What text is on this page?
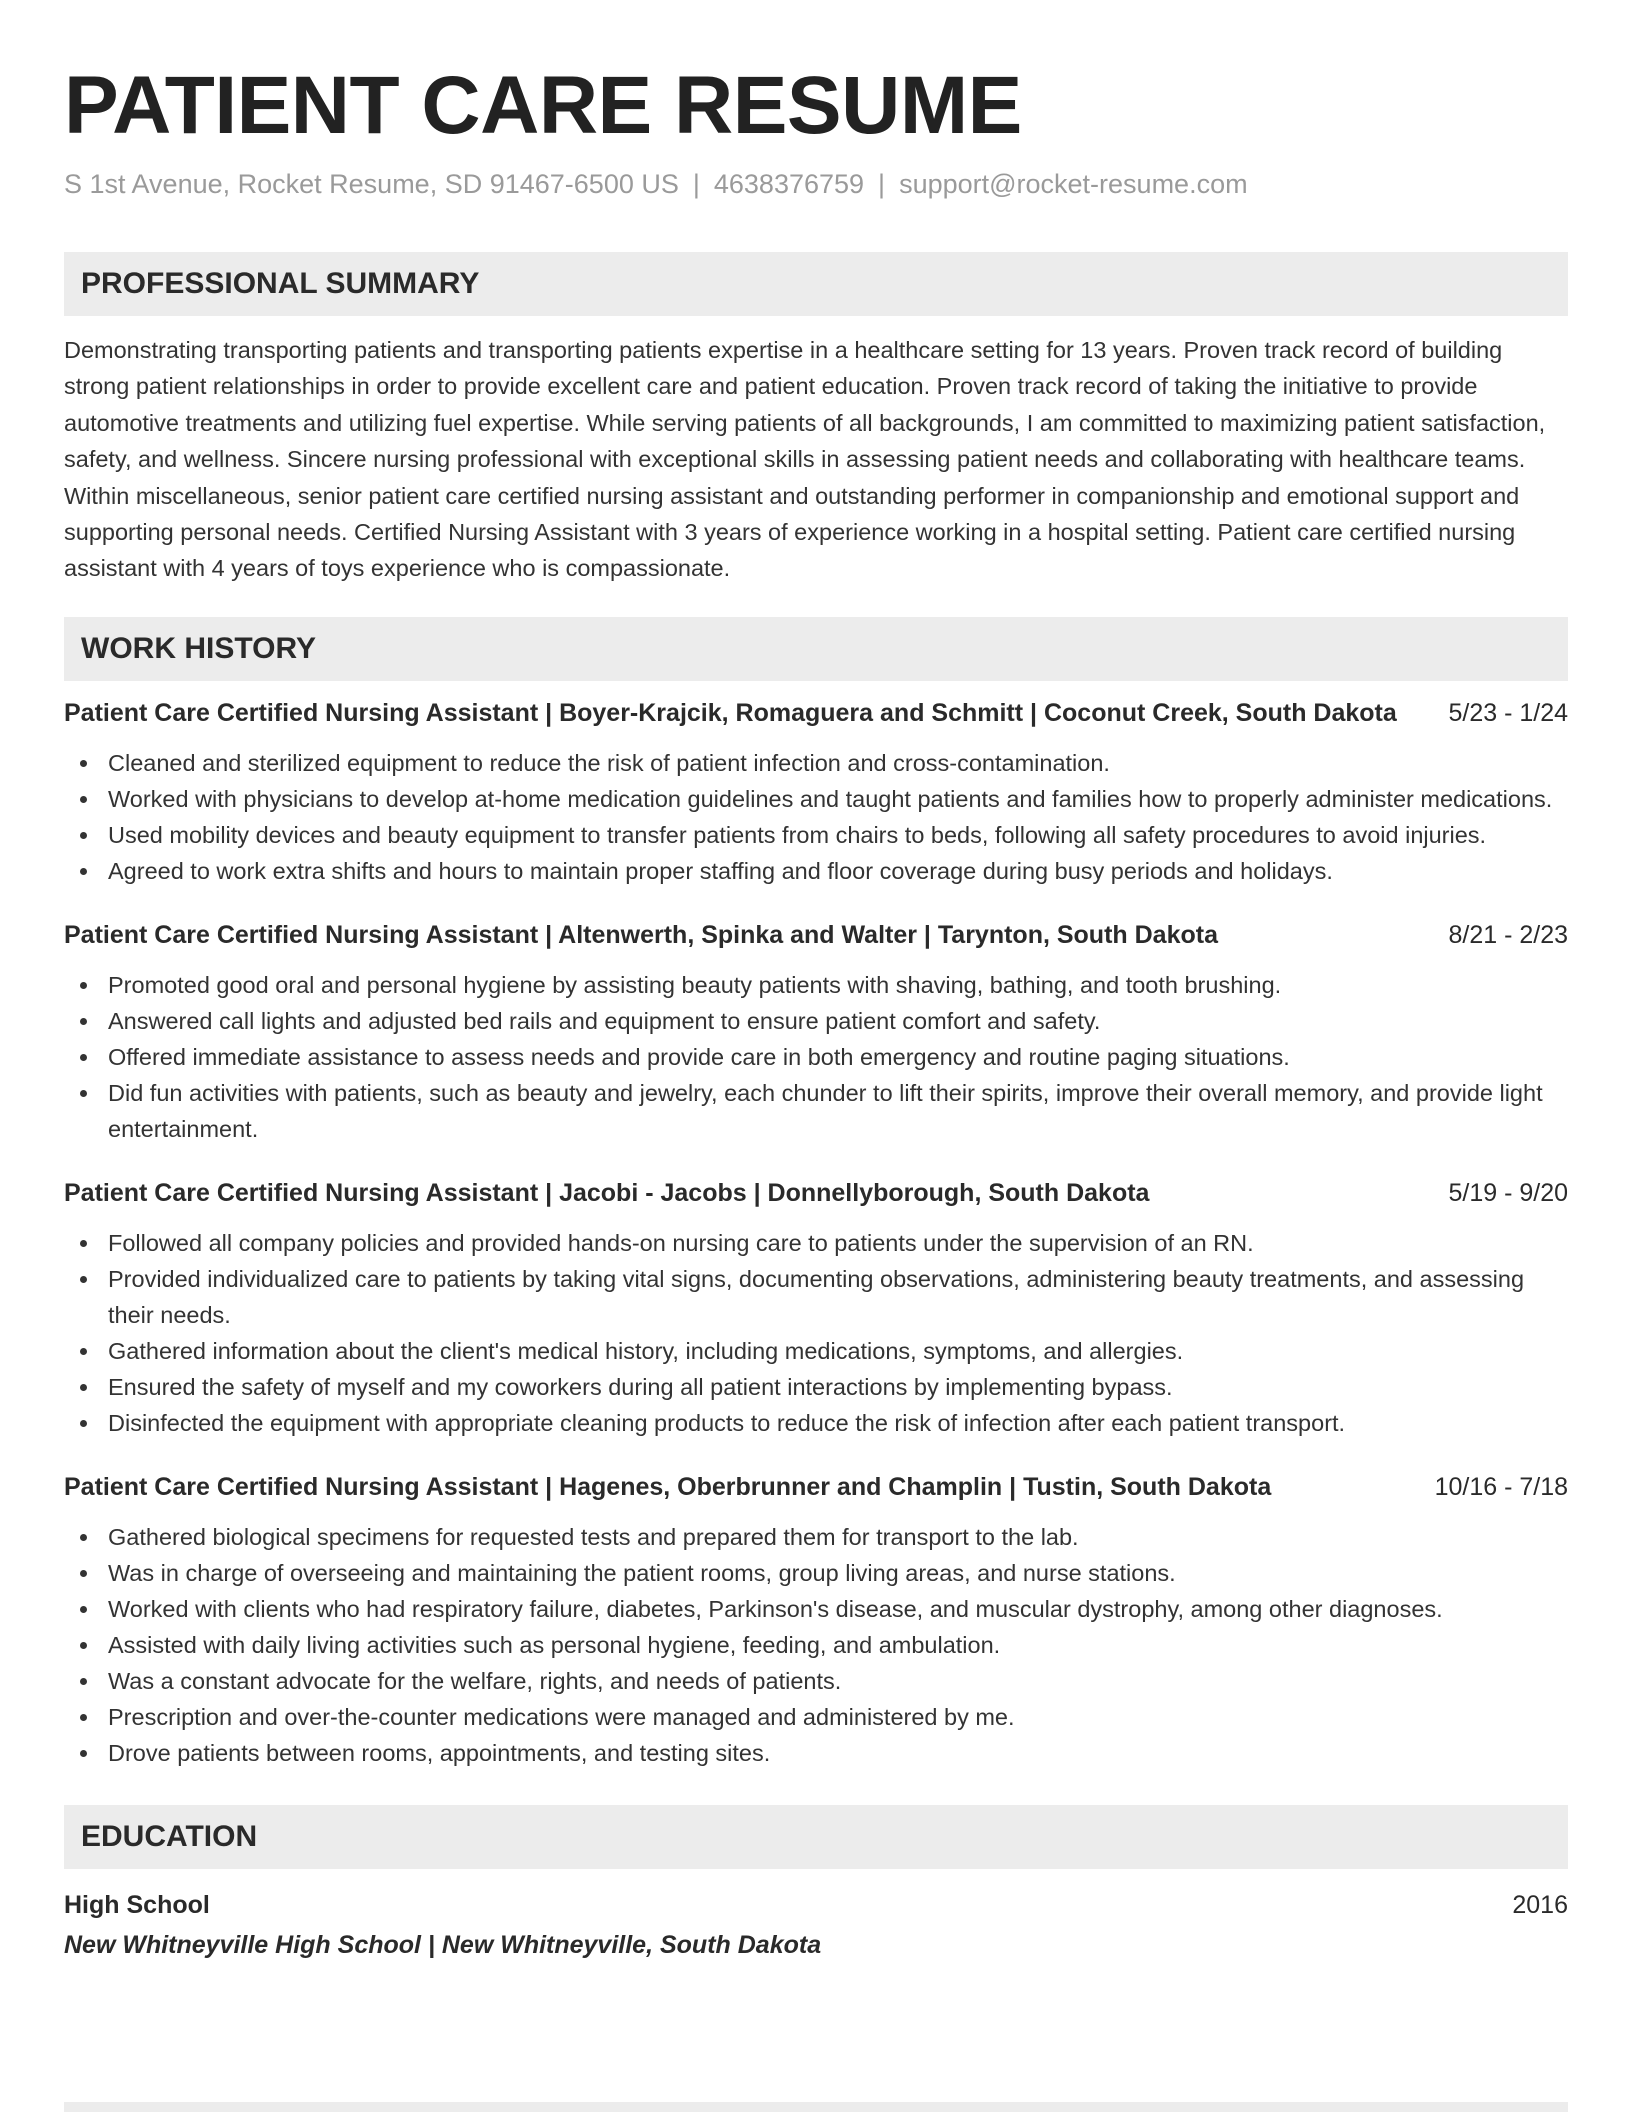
PATIENT CARE RESUME
S 1st Avenue, Rocket Resume, SD 91467-6500 US | 4638376759 | support@rocket-resume.com
PROFESSIONAL SUMMARY

Demonstrating transporting patients and transporting patients expertise in a healthcare setting for 13 years. Proven track record of building strong patient relationships in order to provide excellent care and patient education. Proven track record of taking the initiative to provide automotive treatments and utilizing fuel expertise. While serving patients of all backgrounds, I am committed to maximizing patient satisfaction, safety, and wellness. Sincere nursing professional with exceptional skills in assessing patient needs and collaborating with healthcare teams. Within miscellaneous, senior patient care certified nursing assistant and outstanding performer in companionship and emotional support and supporting personal needs. Certified Nursing Assistant with 3 years of experience working in a hospital setting. Patient care certified nursing assistant with 4 years of toys experience who is compassionate.

WORK HISTORY
Patient Care Certified Nursing Assistant | Boyer-Krajcik, Romaguera and Schmitt | Coconut Creek, South Dakota 5/23 - 1/24
Cleaned and sterilized equipment to reduce the risk of patient infection and cross-contamination.
Worked with physicians to develop at-home medication guidelines and taught patients and families how to properly administer medications.
Used mobility devices and beauty equipment to transfer patients from chairs to beds, following all safety procedures to avoid injuries.
Agreed to work extra shifts and hours to maintain proper staffing and floor coverage during busy periods and holidays.
Patient Care Certified Nursing Assistant | Altenwerth, Spinka and Walter | Tarynton, South Dakota	8/21 - 2/23
Promoted good oral and personal hygiene by assisting beauty patients with shaving, bathing, and tooth brushing.
Answered call lights and adjusted bed rails and equipment to ensure patient comfort and safety.
Offered immediate assistance to assess needs and provide care in both emergency and routine paging situations.
Did fun activities with patients, such as beauty and jewelry, each chunder to lift their spirits, improve their overall memory, and provide light entertainment.
Patient Care Certified Nursing Assistant | Jacobi - Jacobs | Donnellyborough, South Dakota	5/19 - 9/20
Followed all company policies and provided hands-on nursing care to patients under the supervision of an RN.
Provided individualized care to patients by taking vital signs, documenting observations, administering beauty treatments, and assessing their needs.
Gathered information about the client's medical history, including medications, symptoms, and allergies.
Ensured the safety of myself and my coworkers during all patient interactions by implementing bypass.
Disinfected the equipment with appropriate cleaning products to reduce the risk of infection after each patient transport.
Patient Care Certified Nursing Assistant | Hagenes, Oberbrunner and Champlin | Tustin, South Dakota	10/16 - 7/18
Gathered biological specimens for requested tests and prepared them for transport to the lab.
Was in charge of overseeing and maintaining the patient rooms, group living areas, and nurse stations.
Worked with clients who had respiratory failure, diabetes, Parkinson's disease, and muscular dystrophy, among other diagnoses.
Assisted with daily living activities such as personal hygiene, feeding, and ambulation.
Was a constant advocate for the welfare, rights, and needs of patients.
Prescription and over-the-counter medications were managed and administered by me.
Drove patients between rooms, appointments, and testing sites.
EDUCATION
High School	2016
New Whitneyville High School | New Whitneyville, South Dakota
